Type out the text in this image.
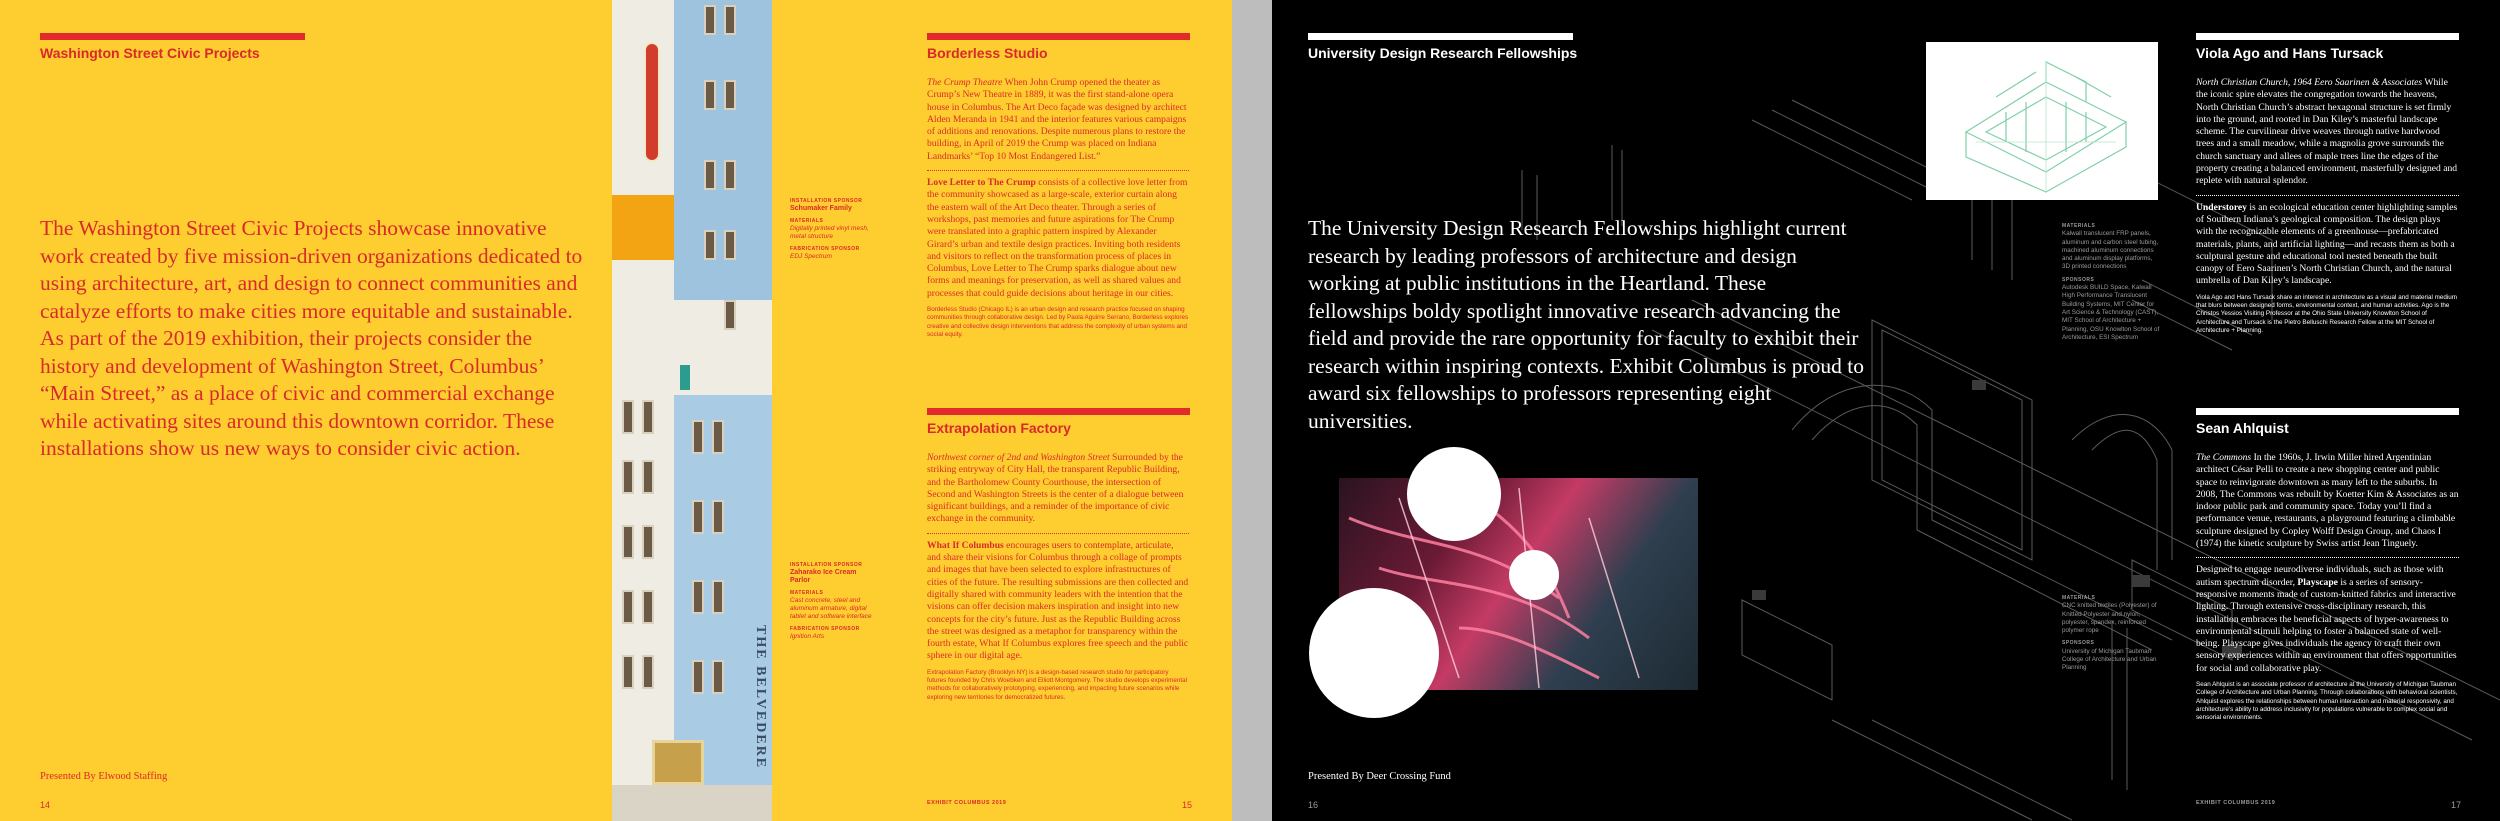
Washington Street Civic Projects
The Washington Street Civic Projects showcase innovative work created by five mission-driven organizations dedicated to using architecture, art, and design to connect communities and catalyze efforts to make cities more equitable and sustainable. As part of the 2019 exhibition, their projects consider the history and development of Washington Street, Columbus’ “Main Street,” as a place of civic and commercial exchange while activating sites around this downtown corridor. These installations show us new ways to consider civic action.
Presented By Elwood Staffing
14
THE BELVEDERE
INSTALLATION SPONSOR
Schumaker Family
MATERIALS
Digitally printed vinyl mesh, metal structure
FABRICATION SPONSOR
EDJ Spectrum
INSTALLATION SPONSOR
Zaharako Ice Cream Parlor
MATERIALS
Cast concrete, steel and aluminum armature, digital tablet and software interface
FABRICATION SPONSOR
Ignition Arts
Borderless Studio

The Crump Theatre When John Crump opened the theater as Crump’s New Theatre in 1889, it was the first stand-alone opera house in Columbus. The Art Deco façade was designed by architect Alden Meranda in 1941 and the interior features various campaigns of additions and renovations. Despite numerous plans to restore the building, in April of 2019 the Crump was placed on Indiana Landmarks’ “Top 10 Most Endangered List.”

Love Letter to The Crump consists of a collective love letter from the community showcased as a large-scale, exterior curtain along the eastern wall of the Art Deco theater. Through a series of workshops, past memories and future aspirations for The Crump were translated into a graphic pattern inspired by Alexander Girard’s urban and textile design practices. Inviting both residents and visitors to reflect on the transformation process of places in Columbus, Love Letter to The Crump sparks dialogue about new forms and meanings for preservation, as well as shared values and processes that could guide decisions about heritage in our cities.

Borderless Studio (Chicago IL) is an urban design and research practice focused on shaping communities through collaborative design. Led by Paola Aguirre Serrano, Borderless explores creative and collective design interventions that address the complexity of urban systems and social equity.

Extrapolation Factory

Northwest corner of 2nd and Washington Street Surrounded by the striking entryway of City Hall, the transparent Republic Building, and the Bartholomew County Courthouse, the intersection of Second and Washington Streets is the center of a dialogue between significant buildings, and a reminder of the importance of civic exchange in the community.

What If Columbus encourages users to contemplate, articulate, and share their visions for Columbus through a collage of prompts and images that have been selected to explore infrastructures of cities of the future. The resulting submissions are then collected and digitally shared with community leaders with the intention that the visions can offer decision makers inspiration and insight into new concepts for the city’s future. Just as the Republic Building across the street was designed as a metaphor for transparency within the fourth estate, What If Columbus explores free speech and the public sphere in our digital age.

Extrapolation Factory (Brooklyn NY) is a design-based research studio for participatory futures founded by Chris Woebken and Elliott Montgomery. The studio develops experimental methods for collaboratively prototyping, experiencing, and impacting future scenarios while exploring new territories for democratized futures.

EXHIBIT COLUMBUS 2019	15
University Design Research Fellowships
The University Design Research Fellowships highlight current research by leading professors of architecture and design working at public institutions in the Heartland. These fellowships boldy spotlight innovative research advancing the field and provide the rare opportunity for faculty to exhibit their research within inspiring contexts. Exhibit Columbus is proud to award six fellowships to professors representing eight universities.
MATERIALS
Kalwall translucent FRP panels, aluminum and carbon steel tubing, machined aluminum connections and aluminum display platforms, 3D printed connections
SPONSORS
Autodesk BUILD Space, Kalwall High Performance Translucent Building Systems, MIT Center for Art Science & Technology (CAST), MIT School of Architecture + Planning, OSU Knowlton School of Architecture, ESI Spectrum
MATERIALS
CNC knitted textiles (Polyester) of Knitted Polyester and nylon, polyester, spandex, reinforced polymer rope
SPONSORS
University of Michigan Taubman College of Architecture and Urban Planning
Viola Ago and Hans Tursack

North Christian Church, 1964 Eero Saarinen & Associates While the iconic spire elevates the congregation towards the heavens, North Christian Church’s abstract hexagonal structure is set firmly into the ground, and rooted in Dan Kiley’s masterful landscape scheme. The curvilinear drive weaves through native hardwood trees and a small meadow, while a magnolia grove surrounds the church sanctuary and allees of maple trees line the edges of the property creating a balanced environment, masterfully designed and replete with natural splendor.

Understorey is an ecological education center highlighting samples of Southern Indiana’s geological composition. The design plays with the recognizable elements of a greenhouse—prefabricated materials, plants, and artificial lighting—and recasts them as both a sculptural gesture and educational tool nested beneath the built canopy of Eero Saarinen’s North Christian Church, and the natural umbrella of Dan Kiley’s landscape.

Viola Ago and Hans Tursack share an interest in architecture as a visual and material medium that blurs between designed forms, environmental context, and human activities. Ago is the Christos Yessios Visiting Professor at the Ohio State University Knowlton School of Architecture and Tursack is the Pietro Belluschi Research Fellow at the MIT School of Architecture + Planning.

Sean Ahlquist

The Commons In the 1960s, J. Irwin Miller hired Argentinian architect César Pelli to create a new shopping center and public space to reinvigorate downtown as many left to the suburbs. In 2008, The Commons was rebuilt by Koetter Kim & Associates as an indoor public park and community space. Today you’ll find a performance venue, restaurants, a playground featuring a climbable sculpture designed by Copley Wolff Design Group, and Chaos I (1974) the kinetic sculpture by Swiss artist Jean Tinguely.

Designed to engage neurodiverse individuals, such as those with autism spectrum disorder, Playscape is a series of sensory-responsive moments made of custom-knitted fabrics and interactive lighting. Through extensive cross-disciplinary research, this installation embraces the beneficial aspects of hyper-awareness to environmental stimuli helping to foster a balanced state of well-being. Playscape gives individuals the agency to craft their own sensory experiences within an environment that offers opportunities for social and collaborative play.

Sean Ahlquist is an associate professor of architecture at the University of Michigan Taubman College of Architecture and Urban Planning. Through collaborations with behavioral scientists, Ahlquist explores the relationships between human interaction and material responsivity, and architecture’s ability to address inclusivity for populations vulnerable to complex social and sensorial environments.

Presented By Deer Crossing Fund
16	EXHIBIT COLUMBUS 2019	17
